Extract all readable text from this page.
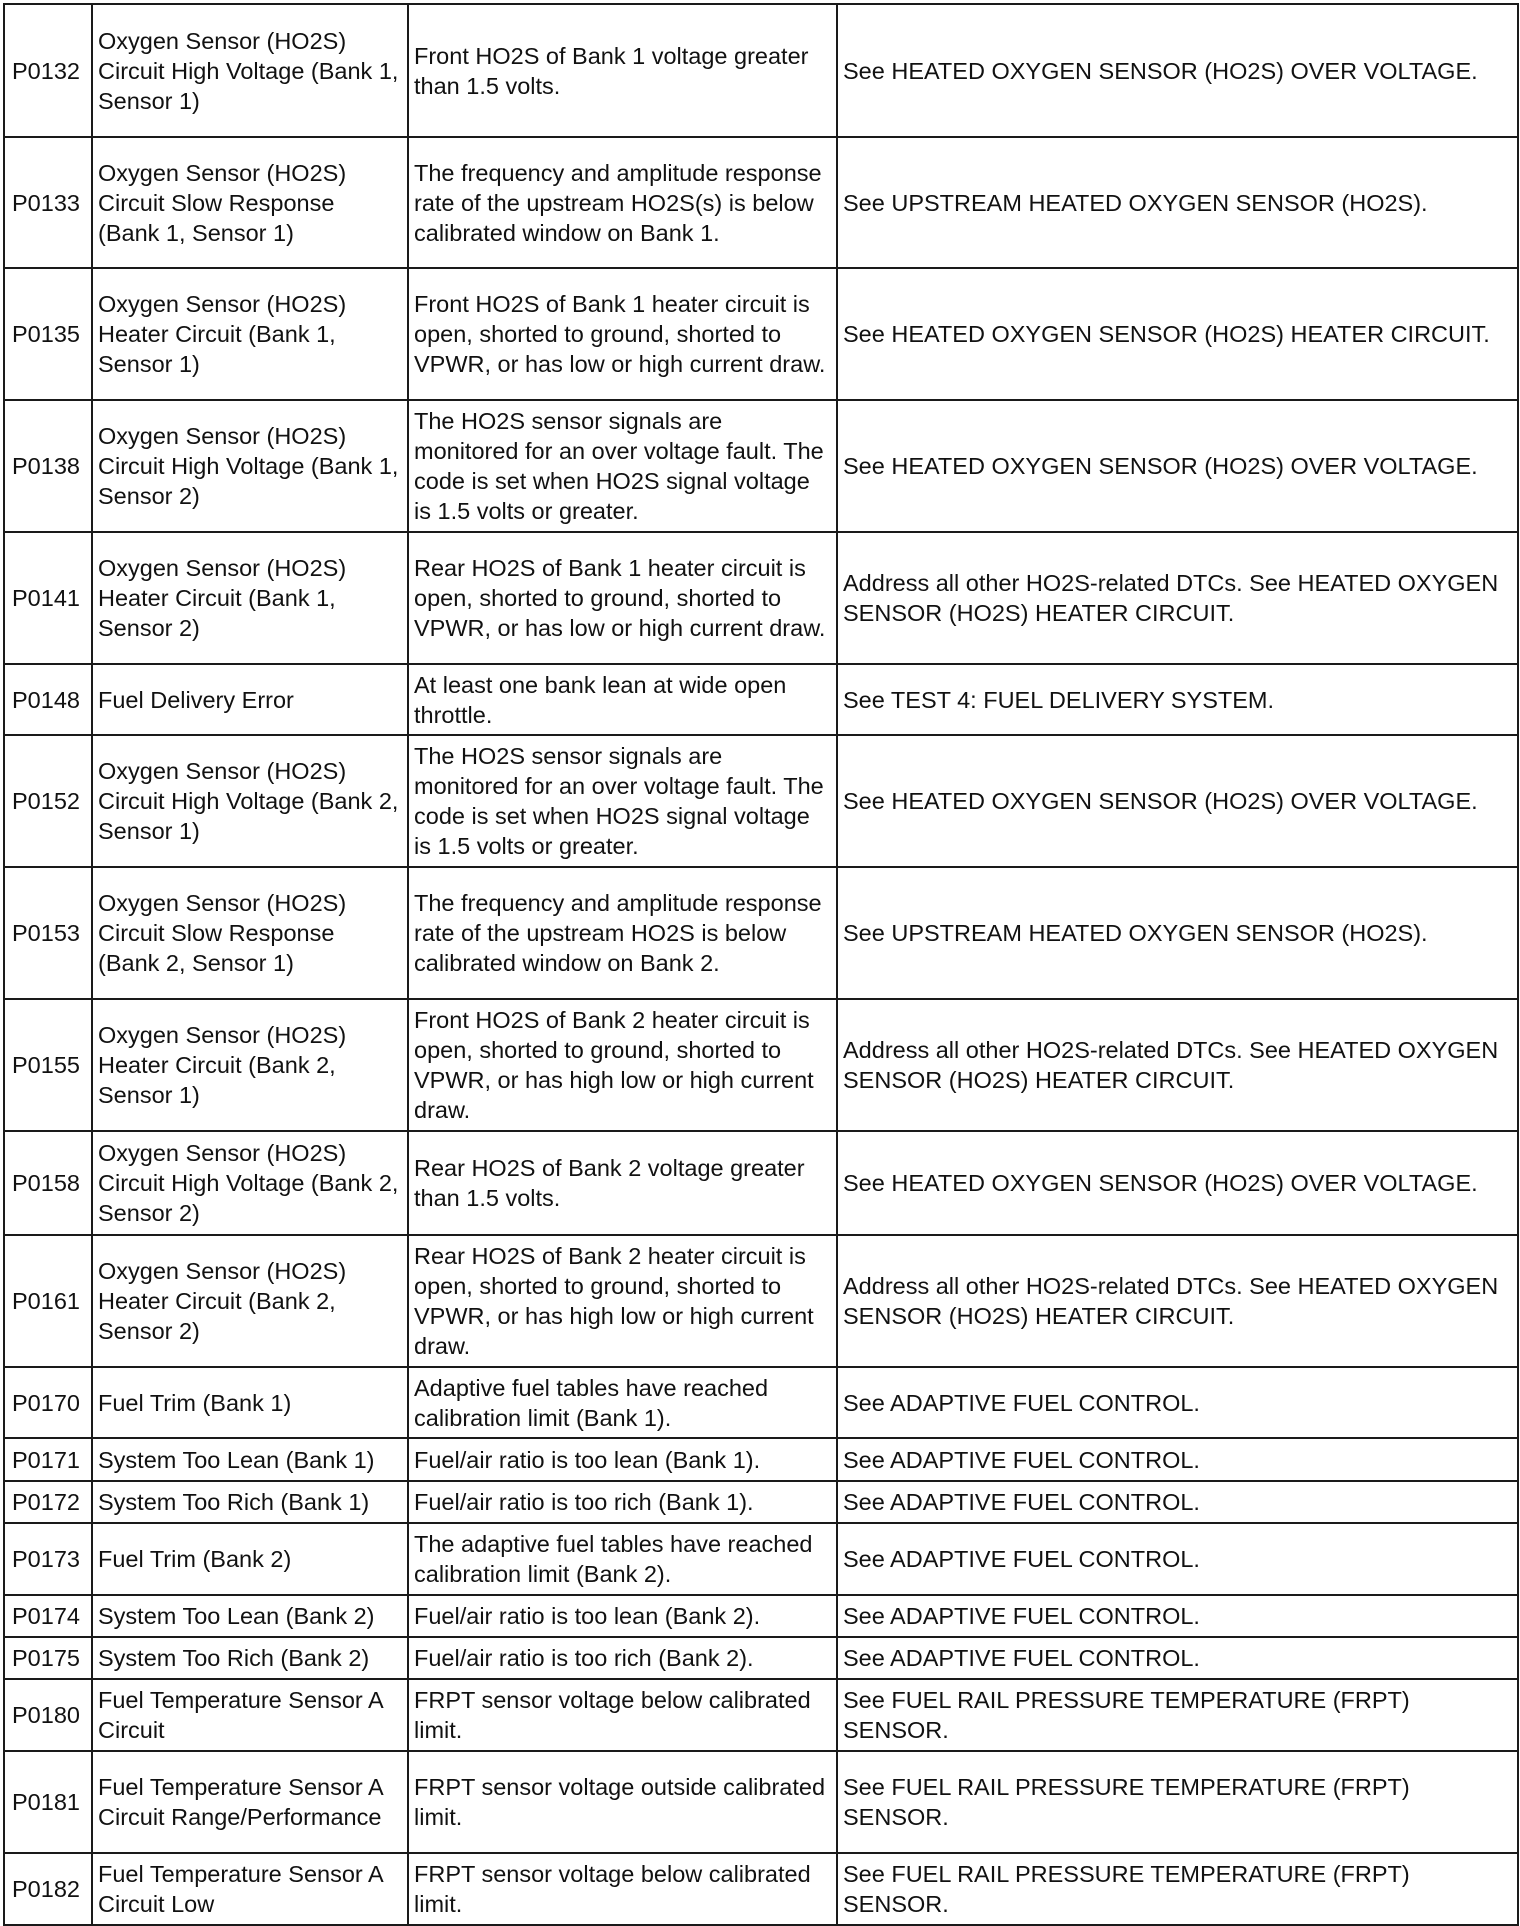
P0132	Oxygen Sensor (HO2S) Circuit High Voltage (Bank 1, Sensor 1)	Front HO2S of Bank 1 voltage greater than 1.5 volts.	See HEATED OXYGEN SENSOR (HO2S) OVER VOLTAGE.
P0133	Oxygen Sensor (HO2S) Circuit Slow Response (Bank 1, Sensor 1)	The frequency and amplitude response rate of the upstream HO2S(s) is below calibrated window on Bank 1.	See UPSTREAM HEATED OXYGEN SENSOR (HO2S).
P0135	Oxygen Sensor (HO2S) Heater Circuit (Bank 1, Sensor 1)	Front HO2S of Bank 1 heater circuit is open, shorted to ground, shorted to VPWR, or has low or high current draw.	See HEATED OXYGEN SENSOR (HO2S) HEATER CIRCUIT.
P0138	Oxygen Sensor (HO2S) Circuit High Voltage (Bank 1, Sensor 2)	The HO2S sensor signals are monitored for an over voltage fault. The code is set when HO2S signal voltage is 1.5 volts or greater.	See HEATED OXYGEN SENSOR (HO2S) OVER VOLTAGE.
P0141	Oxygen Sensor (HO2S) Heater Circuit (Bank 1, Sensor 2)	Rear HO2S of Bank 1 heater circuit is open, shorted to ground, shorted to VPWR, or has low or high current draw.	Address all other HO2S-related DTCs. See HEATED OXYGEN SENSOR (HO2S) HEATER CIRCUIT.
P0148	Fuel Delivery Error	At least one bank lean at wide open throttle.	See TEST 4: FUEL DELIVERY SYSTEM.
P0152	Oxygen Sensor (HO2S) Circuit High Voltage (Bank 2, Sensor 1)	The HO2S sensor signals are monitored for an over voltage fault. The code is set when HO2S signal voltage is 1.5 volts or greater.	See HEATED OXYGEN SENSOR (HO2S) OVER VOLTAGE.
P0153	Oxygen Sensor (HO2S) Circuit Slow Response (Bank 2, Sensor 1)	The frequency and amplitude response rate of the upstream HO2S is below calibrated window on Bank 2.	See UPSTREAM HEATED OXYGEN SENSOR (HO2S).
P0155	Oxygen Sensor (HO2S) Heater Circuit (Bank 2, Sensor 1)	Front HO2S of Bank 2 heater circuit is open, shorted to ground, shorted to VPWR, or has high low or high current draw.	Address all other HO2S-related DTCs. See HEATED OXYGEN SENSOR (HO2S) HEATER CIRCUIT.
P0158	Oxygen Sensor (HO2S) Circuit High Voltage (Bank 2, Sensor 2)	Rear HO2S of Bank 2 voltage greater than 1.5 volts.	See HEATED OXYGEN SENSOR (HO2S) OVER VOLTAGE.
P0161	Oxygen Sensor (HO2S) Heater Circuit (Bank 2, Sensor 2)	Rear HO2S of Bank 2 heater circuit is open, shorted to ground, shorted to VPWR, or has high low or high current draw.	Address all other HO2S-related DTCs. See HEATED OXYGEN SENSOR (HO2S) HEATER CIRCUIT.
P0170	Fuel Trim (Bank 1)	Adaptive fuel tables have reached calibration limit (Bank 1).	See ADAPTIVE FUEL CONTROL.
P0171	System Too Lean (Bank 1)	Fuel/air ratio is too lean (Bank 1).	See ADAPTIVE FUEL CONTROL.
P0172	System Too Rich (Bank 1)	Fuel/air ratio is too rich (Bank 1).	See ADAPTIVE FUEL CONTROL.
P0173	Fuel Trim (Bank 2)	The adaptive fuel tables have reached calibration limit (Bank 2).	See ADAPTIVE FUEL CONTROL.
P0174	System Too Lean (Bank 2)	Fuel/air ratio is too lean (Bank 2).	See ADAPTIVE FUEL CONTROL.
P0175	System Too Rich (Bank 2)	Fuel/air ratio is too rich (Bank 2).	See ADAPTIVE FUEL CONTROL.
P0180	Fuel Temperature Sensor A Circuit	FRPT sensor voltage below calibrated limit.	See FUEL RAIL PRESSURE TEMPERATURE (FRPT) SENSOR.
P0181	Fuel Temperature Sensor A Circuit Range/Performance	FRPT sensor voltage outside calibrated limit.	See FUEL RAIL PRESSURE TEMPERATURE (FRPT) SENSOR.
P0182	Fuel Temperature Sensor A Circuit Low	FRPT sensor voltage below calibrated limit.	See FUEL RAIL PRESSURE TEMPERATURE (FRPT) SENSOR.
